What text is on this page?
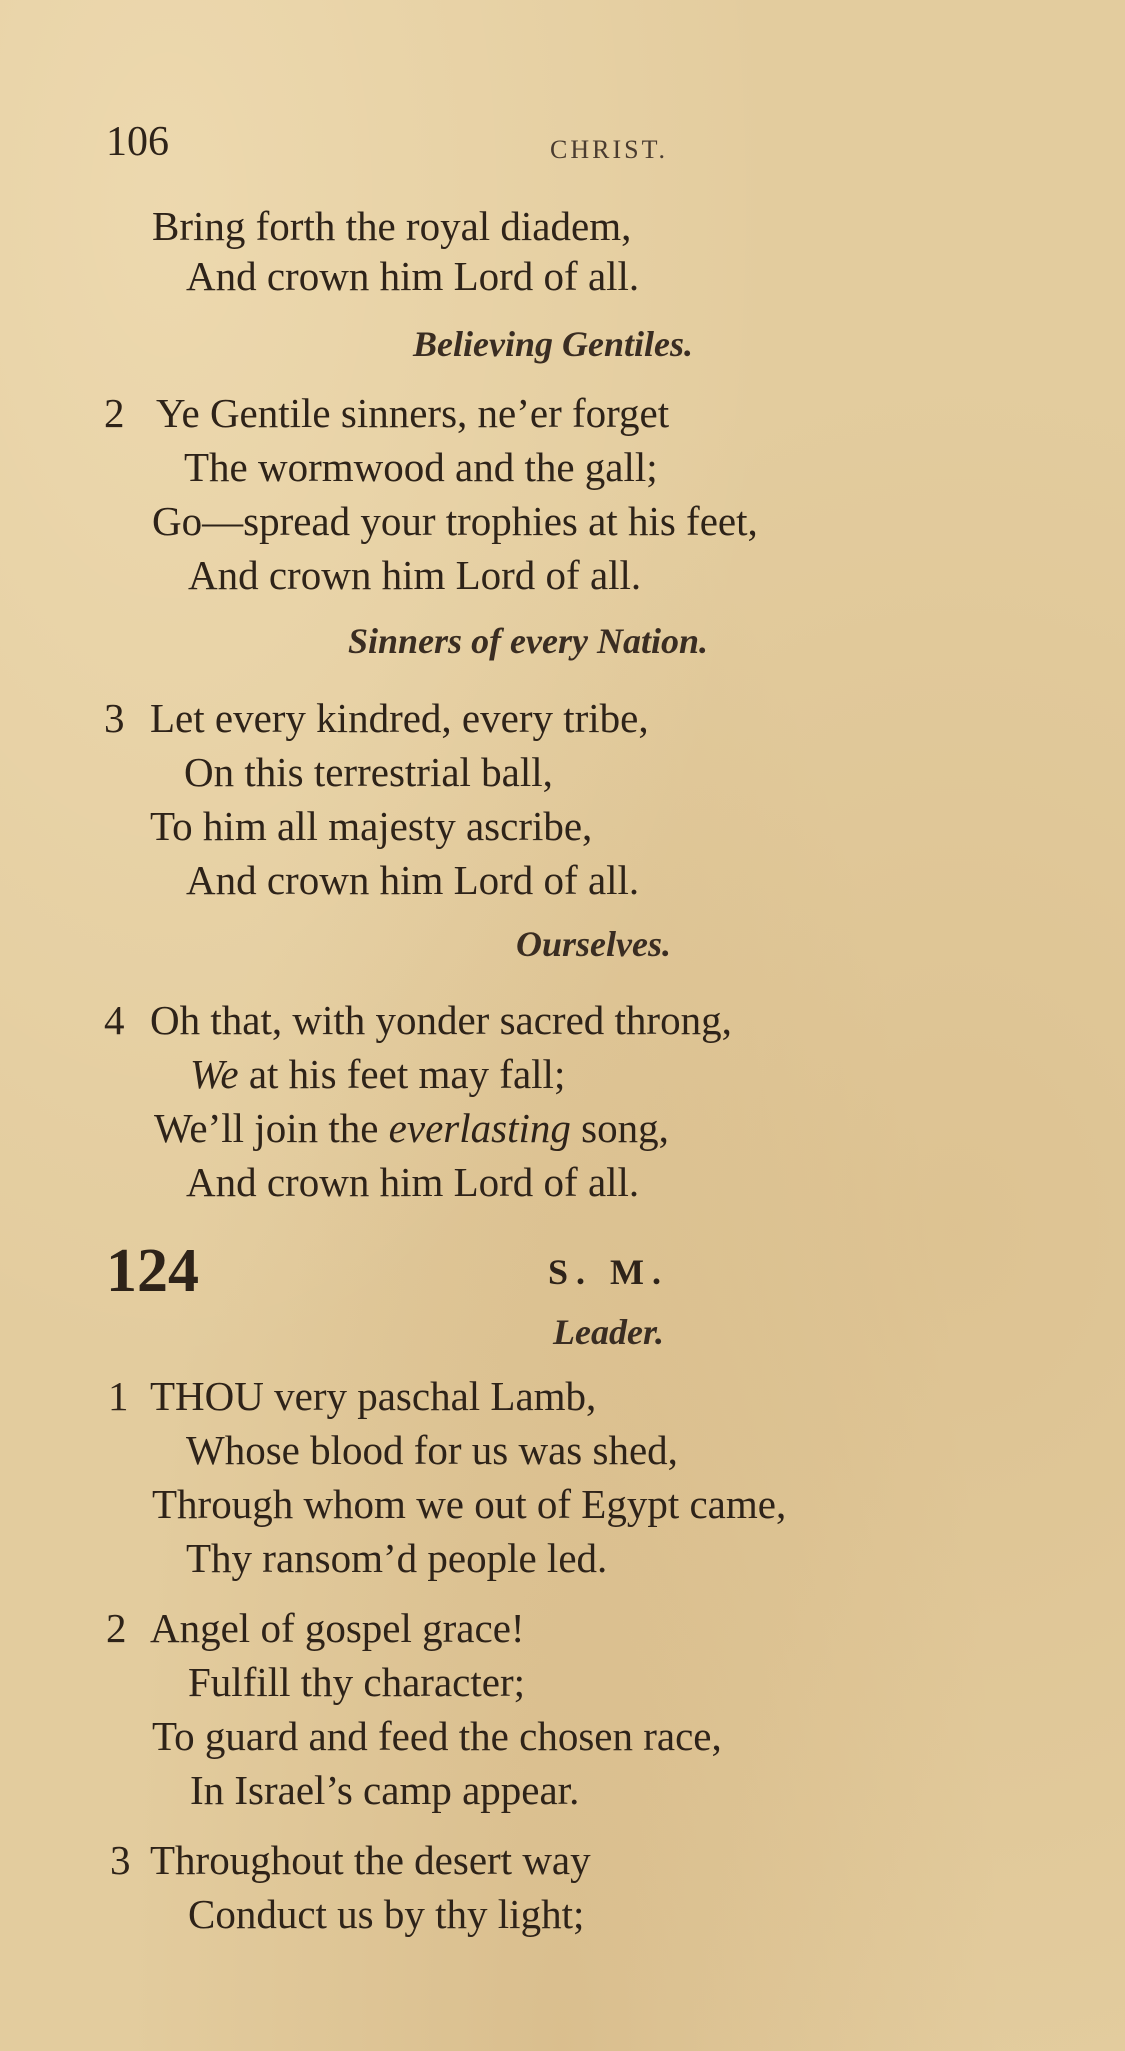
106	CHRIST.
Bring forth the royal diadem,
And crown him Lord of all.
Believing Gentiles.
2 Ye Gentile sinners, ne’er forget
The wormwood and the gall;
Go—spread your trophies at his feet,
And crown him Lord of all.
Sinners of every Nation.
3 Let every kindred, every tribe,
On this terrestrial ball,
To him all majesty ascribe,
And crown him Lord of all.
Ourselves.
4 Oh that, with yonder sacred throng,
We at his feet may fall;
We’ll join the everlasting song,
And crown him Lord of all.
124	S. M.
Leader.
1 THOU very paschal Lamb,
Whose blood for us was shed,
Through whom we out of Egypt came,
Thy ransom’d people led.
2 Angel of gospel grace!
Fulfill thy character;
To guard and feed the chosen race,
In Israel’s camp appear.
3 Throughout the desert way
Conduct us by thy light;
